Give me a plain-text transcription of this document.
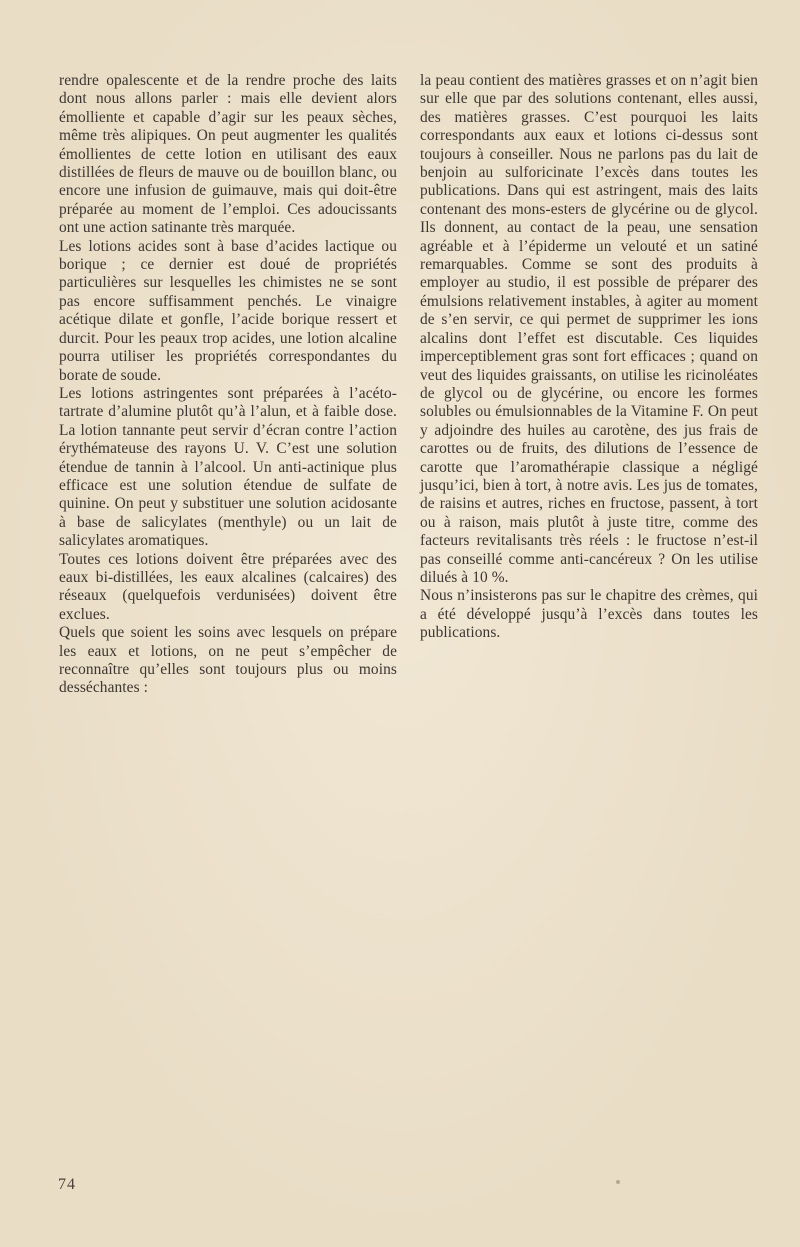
rendre opalescente et de la rendre proche des laits dont nous allons parler : mais elle devient alors émolliente et capable d’agir sur les peaux sèches, même très alipiques. On peut augmenter les qualités émollientes de cette lotion en utilisant des eaux distillées de fleurs de mauve ou de bouillon blanc, ou encore une infusion de guimauve, mais qui doit-être préparée au moment de l’emploi. Ces adoucissants ont une action satinante très marquée.

Les lotions acides sont à base d’acides lactique ou borique ; ce dernier est doué de propriétés particulières sur lesquelles les chimistes ne se sont pas encore suffisamment penchés. Le vinaigre acétique dilate et gonfle, l’acide borique ressert et durcit. Pour les peaux trop acides, une lotion alcaline pourra utiliser les propriétés correspondantes du borate de soude.

Les lotions astringentes sont préparées à l’acéto-tartrate d’alumine plutôt qu’à l’alun, et à faible dose. La lotion tannante peut servir d’écran contre l’action érythémateuse des rayons U. V. C’est une solution étendue de tannin à l’alcool. Un anti-actinique plus efficace est une solution étendue de sulfate de quinine. On peut y substituer une solution acidosante à base de salicylates (menthyle) ou un lait de salicylates aromatiques.

Toutes ces lotions doivent être préparées avec des eaux bi-distillées, les eaux alcalines (calcaires) des réseaux (quelquefois verdunisées) doivent être exclues.

Quels que soient les soins avec lesquels on prépare les eaux et lotions, on ne peut s’empêcher de reconnaître qu’elles sont toujours plus ou moins desséchantes :

la peau contient des matières grasses et on n’agit bien sur elle que par des solutions contenant, elles aussi, des matières grasses. C’est pourquoi les laits correspondants aux eaux et lotions ci-dessus sont toujours à conseiller. Nous ne parlons pas du lait de benjoin au sulforicinate l’excès dans toutes les publications. Dans qui est astringent, mais des laits contenant des mons-esters de glycérine ou de glycol. Ils donnent, au contact de la peau, une sensation agréable et à l’épiderme un velouté et un satiné remarquables. Comme se sont des produits à employer au studio, il est possible de préparer des émulsions relativement instables, à agiter au moment de s’en servir, ce qui permet de supprimer les ions alcalins dont l’effet est discutable. Ces liquides imperceptiblement gras sont fort efficaces ; quand on veut des liquides graissants, on utilise les ricinoléates de glycol ou de glycérine, ou encore les formes solubles ou émulsionnables de la Vitamine F. On peut y adjoindre des huiles au carotène, des jus frais de carottes ou de fruits, des dilutions de l’essence de carotte que l’aromathérapie classique a négligé jusqu’ici, bien à tort, à notre avis. Les jus de tomates, de raisins et autres, riches en fructose, passent, à tort ou à raison, mais plutôt à juste titre, comme des facteurs revitalisants très réels : le fructose n’est-il pas conseillé comme anti-cancéreux ? On les utilise dilués à 10 %.

Nous n’insisterons pas sur le chapitre des crèmes, qui a été développé jusqu’à l’excès dans toutes les publications.

74
